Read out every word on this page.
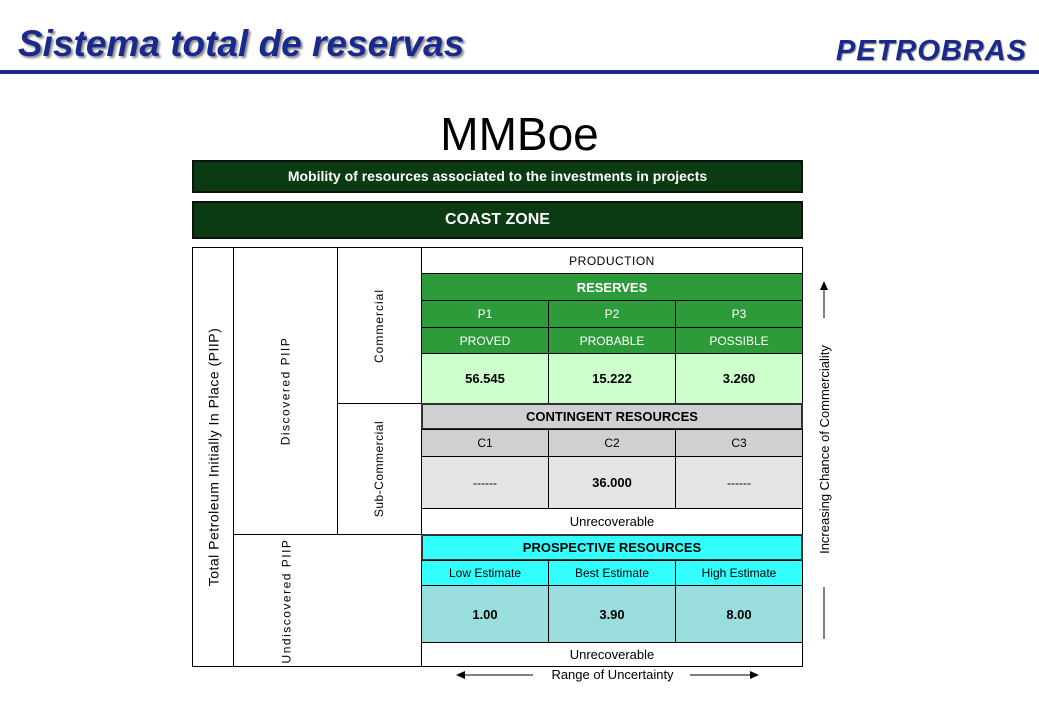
Sistema total de reservas	PETROBRAS
MMBoe
Mobility of resources associated to the investments in projects
COAST ZONE
Total Petroleum Initially In Place (PIIP)	Discovered PIIP
Undiscovered PIIP
Commercial
Sub-Commercial
PRODUCTION
RESERVES
P1	P2	P3
PROVED	PROBABLE	POSSIBLE
56.545	15.222	3.260
CONTINGENT RESOURCES
C1	C2	C3
------	36.000	------
Unrecoverable
PROSPECTIVE RESOURCES
Low Estimate	Best Estimate	High Estimate
1.00	3.90	8.00
Unrecoverable
Increasing Chance of Commerciality
Range of Uncertainty
